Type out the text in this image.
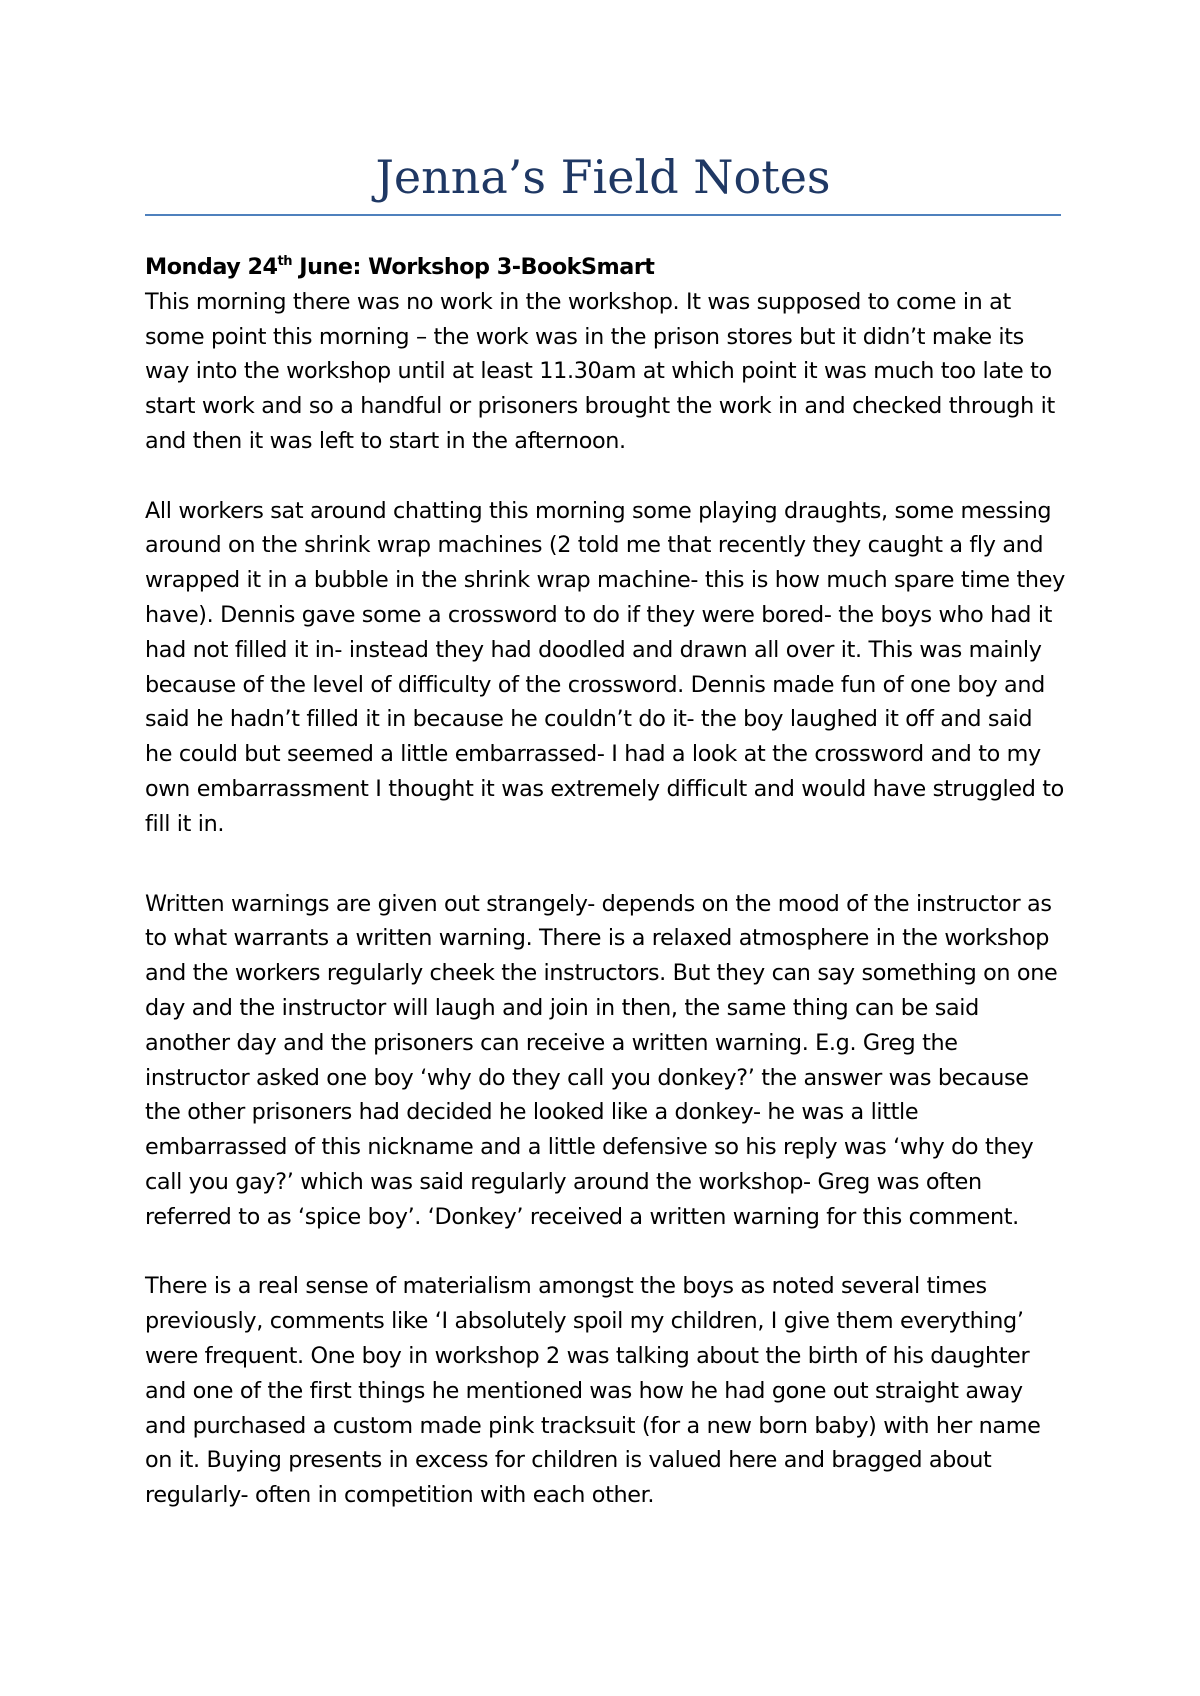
Jenna’s Field Notes

Monday 24th June: Workshop 3-BookSmart

This morning there was no work in the workshop. It was supposed to come in at some point this morning – the work was in the prison stores but it didn’t make its way into the workshop until at least 11.30am at which point it was much too late to start work and so a handful or prisoners brought the work in and checked through it and then it was left to start in the afternoon.

All workers sat around chatting this morning some playing draughts, some messing around on the shrink wrap machines (2 told me that recently they caught a fly and wrapped it in a bubble in the shrink wrap machine- this is how much spare time they have). Dennis gave some a crossword to do if they were bored- the boys who had it had not filled it in- instead they had doodled and drawn all over it. This was mainly because of the level of difficulty of the crossword. Dennis made fun of one boy and said he hadn’t filled it in because he couldn’t do it- the boy laughed it off and said he could but seemed a little embarrassed- I had a look at the crossword and to my own embarrassment I thought it was extremely difficult and would have struggled to fill it in.

Written warnings are given out strangely- depends on the mood of the instructor as to what warrants a written warning. There is a relaxed atmosphere in the workshop and the workers regularly cheek the instructors. But they can say something on one day and the instructor will laugh and join in then, the same thing can be said another day and the prisoners can receive a written warning. E.g. Greg the instructor asked one boy ‘why do they call you donkey?’ the answer was because the other prisoners had decided he looked like a donkey- he was a little embarrassed of this nickname and a little defensive so his reply was ‘why do they call you gay?’ which was said regularly around the workshop- Greg was often referred to as ‘spice boy’. ‘Donkey’ received a written warning for this comment.

There is a real sense of materialism amongst the boys as noted several times previously, comments like ‘I absolutely spoil my children, I give them everything’ were frequent. One boy in workshop 2 was talking about the birth of his daughter and one of the first things he mentioned was how he had gone out straight away and purchased a custom made pink tracksuit (for a new born baby) with her name on it. Buying presents in excess for children is valued here and bragged about regularly- often in competition with each other.
